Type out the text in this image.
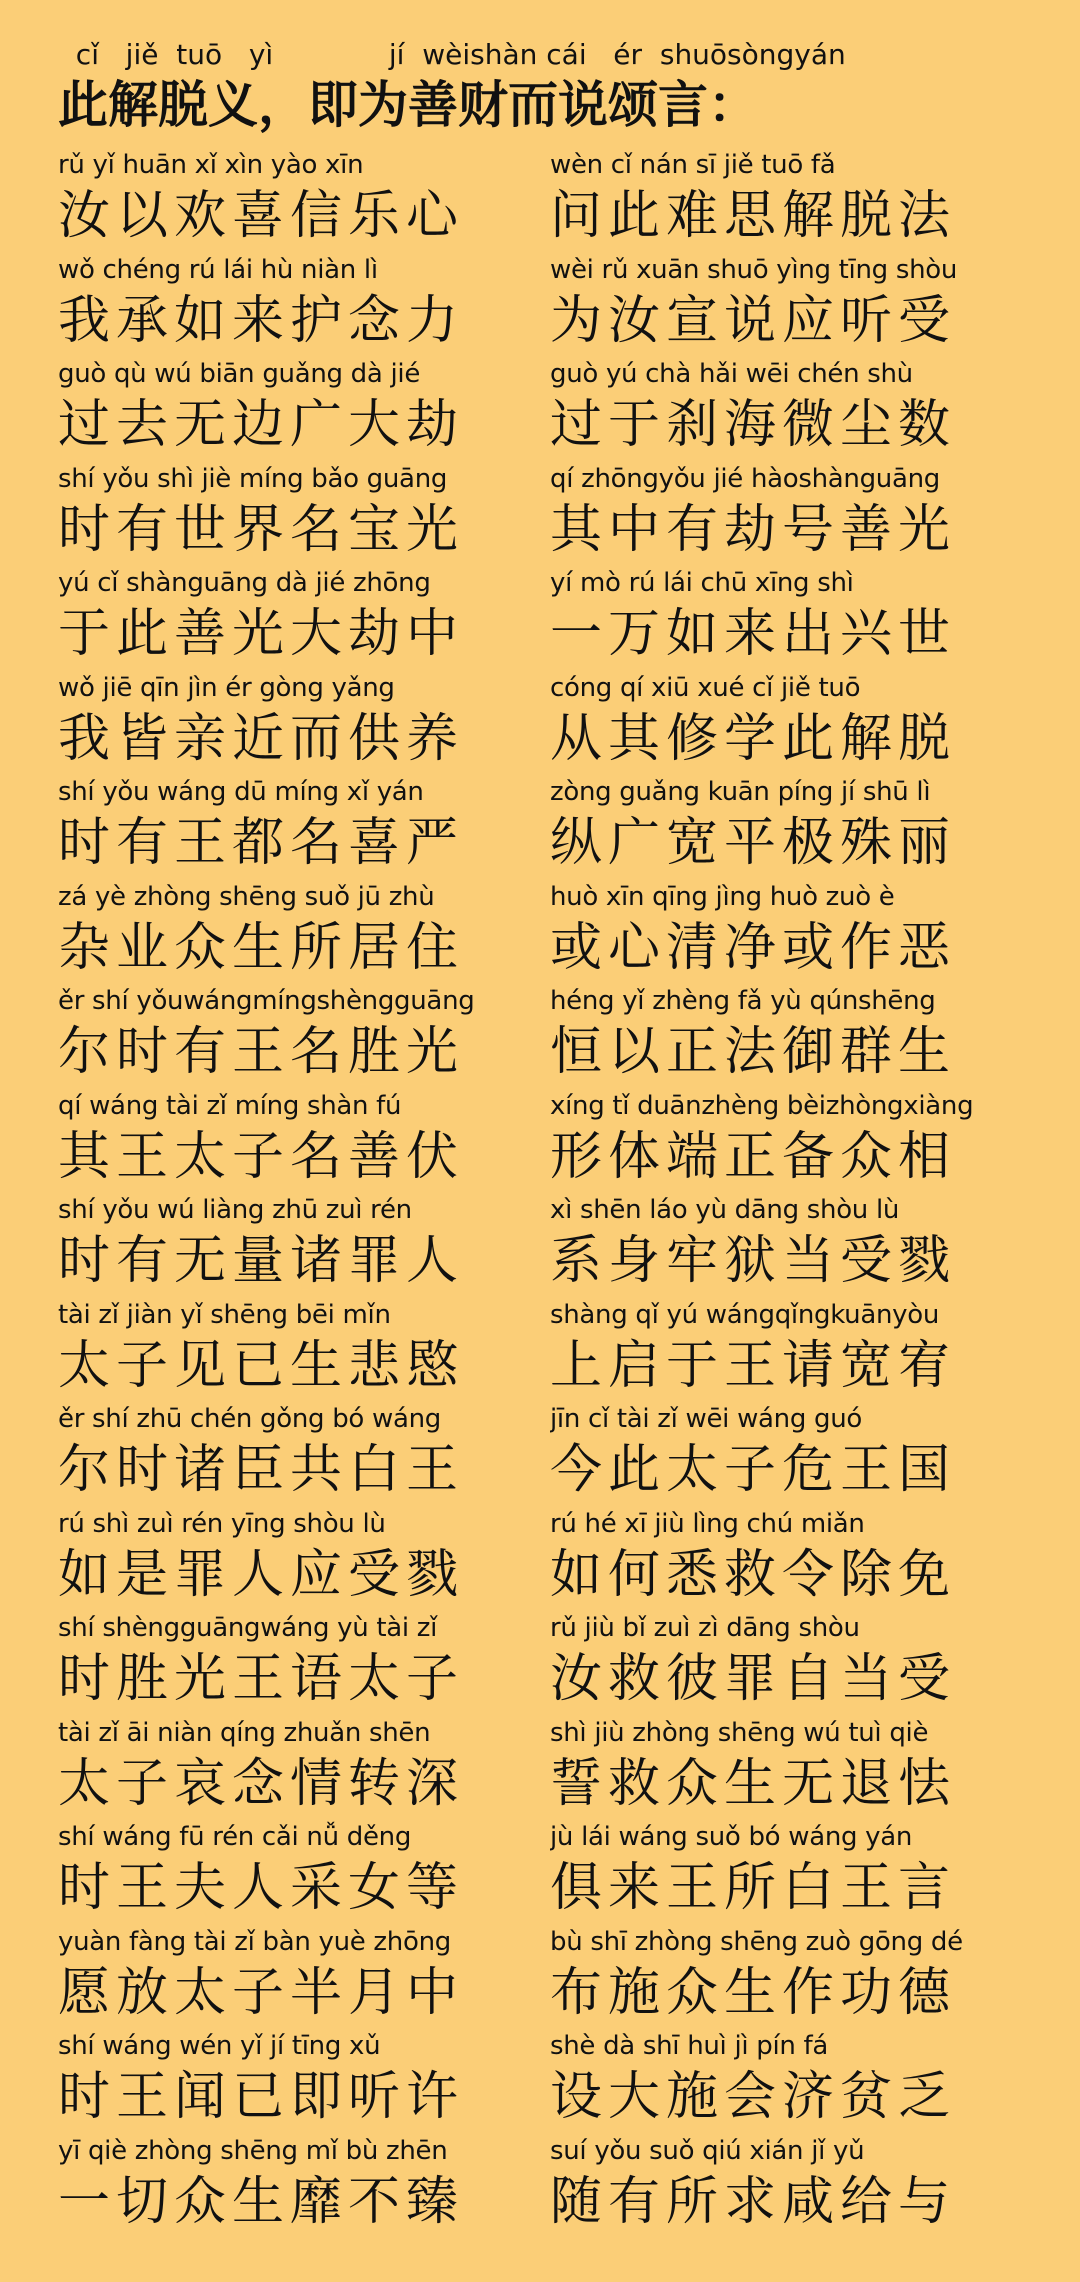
cǐ   jiě  tuō   yì             jí  wèishàn cái   ér  shuōsòngyán
此解脱义，即为善财而说颂言：
rǔ yǐ huān xǐ xìn yào xīn
汝以欢喜信乐心
wèn cǐ nán sī jiě tuō fǎ
问此难思解脱法
wǒ chéng rú lái hù niàn lì
我承如来护念力
wèi rǔ xuān shuō yìng tīng shòu
为汝宣说应听受
guò qù wú biān guǎng dà jié
过去无边广大劫
guò yú chà hǎi wēi chén shù
过于刹海微尘数
shí yǒu shì jiè míng bǎo guāng
时有世界名宝光
qí zhōngyǒu jié hàoshànguāng
其中有劫号善光
yú cǐ shànguāng dà jié zhōng
于此善光大劫中
yí mò rú lái chū xīng shì
一万如来出兴世
wǒ jiē qīn jìn ér gòng yǎng
我皆亲近而供养
cóng qí xiū xué cǐ jiě tuō
从其修学此解脱
shí yǒu wáng dū míng xǐ yán
时有王都名喜严
zòng guǎng kuān píng jí shū lì
纵广宽平极殊丽
zá yè zhòng shēng suǒ jū zhù
杂业众生所居住
huò xīn qīng jìng huò zuò è
或心清净或作恶
ěr shí yǒuwángmíngshèngguāng
尔时有王名胜光
héng yǐ zhèng fǎ yù qúnshēng
恒以正法御群生
qí wáng tài zǐ míng shàn fú
其王太子名善伏
xíng tǐ duānzhèng bèizhòngxiàng
形体端正备众相
shí yǒu wú liàng zhū zuì rén
时有无量诸罪人
xì shēn láo yù dāng shòu lù
系身牢狱当受戮
tài zǐ jiàn yǐ shēng bēi mǐn
太子见已生悲愍
shàng qǐ yú wángqǐngkuānyòu
上启于王请宽宥
ěr shí zhū chén gǒng bó wáng
尔时诸臣共白王
jīn cǐ tài zǐ wēi wáng guó
今此太子危王国
rú shì zuì rén yīng shòu lù
如是罪人应受戮
rú hé xī jiù lìng chú miǎn
如何悉救令除免
shí shèngguāngwáng yù tài zǐ
时胜光王语太子
rǔ jiù bǐ zuì zì dāng shòu
汝救彼罪自当受
tài zǐ āi niàn qíng zhuǎn shēn
太子哀念情转深
shì jiù zhòng shēng wú tuì qiè
誓救众生无退怯
shí wáng fū rén cǎi nǚ děng
时王夫人采女等
jù lái wáng suǒ bó wáng yán
俱来王所白王言
yuàn fàng tài zǐ bàn yuè zhōng
愿放太子半月中
bù shī zhòng shēng zuò gōng dé
布施众生作功德
shí wáng wén yǐ jí tīng xǔ
时王闻已即听许
shè dà shī huì jì pín fá
设大施会济贫乏
yī qiè zhòng shēng mǐ bù zhēn
一切众生靡不臻
suí yǒu suǒ qiú xián jǐ yǔ
随有所求咸给与
